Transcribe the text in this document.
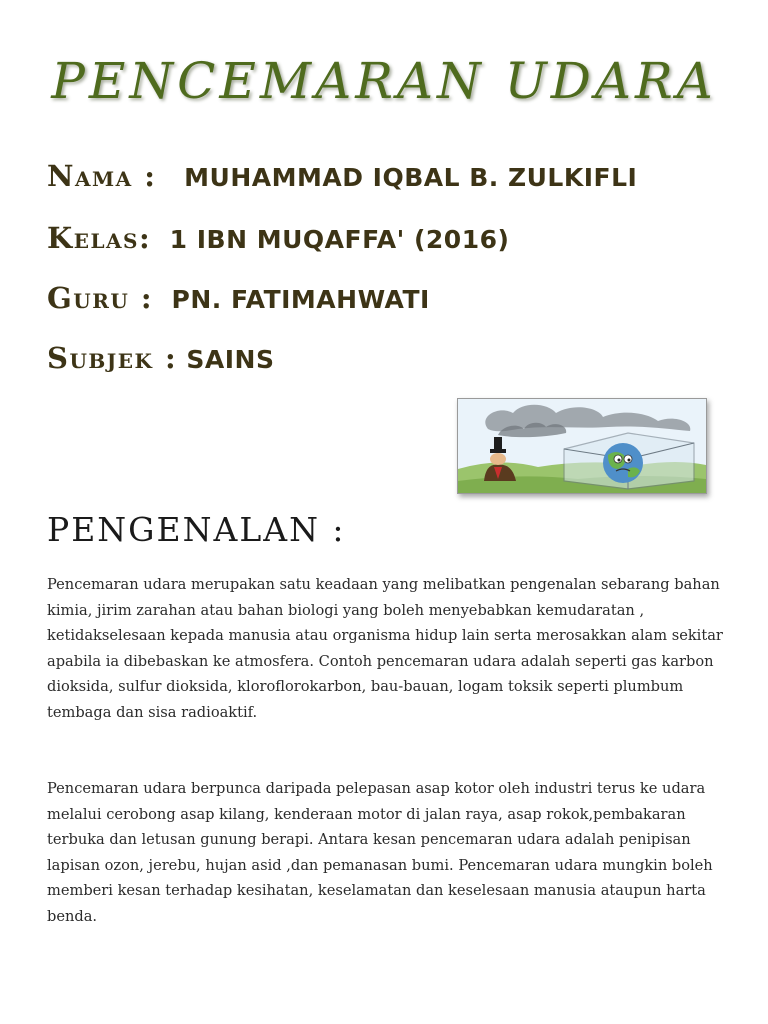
PENCEMARAN UDARA
Nama : MUHAMMAD IQBAL B. ZULKIFLI
Kelas: 1 IBN MUQAFFA' (2016)
Guru : PN. FATIMAHWATI
Subjek : SAINS
PENGENALAN :

Pencemaran udara merupakan satu keadaan yang melibatkan pengenalan sebarang bahan kimia, jirim zarahan atau bahan biologi yang boleh menyebabkan kemudaratan , ketidakselesaan kepada manusia atau organisma hidup lain serta merosakkan alam sekitar apabila ia dibebaskan ke atmosfera. Contoh pencemaran udara adalah seperti gas karbon dioksida, sulfur dioksida, kloroflorokarbon, bau-bauan, logam toksik seperti plumbum tembaga dan sisa radioaktif.

Pencemaran udara berpunca daripada pelepasan asap kotor oleh industri terus ke udara melalui cerobong asap kilang, kenderaan motor di jalan raya, asap rokok,pembakaran terbuka dan letusan gunung berapi. Antara kesan pencemaran udara adalah penipisan lapisan ozon, jerebu, hujan asid ,dan pemanasan bumi. Pencemaran udara mungkin boleh memberi kesan terhadap kesihatan, keselamatan dan keselesaan manusia ataupun harta benda.
